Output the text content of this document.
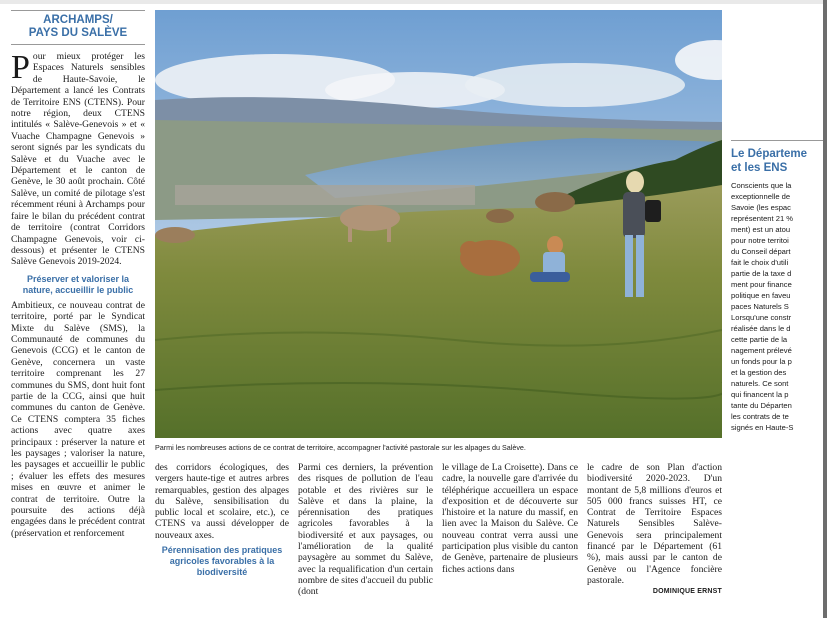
ARCHAMPS/
PAYS DU SALÈVE

Pour mieux protéger les Espaces Naturels sensibles de Haute-Savoie, le Département a lancé les Contrats de Territoire ENS (CTENS). Pour notre région, deux CTENS intitulés « Salève-Genevois » et « Vuache Champagne Genevois » seront signés par les syndicats du Salève et du Vuache avec le Département et le canton de Genève, le 30 août prochain. Côté Salève, un comité de pilotage s'est récemment réuni à Archamps pour faire le bilan du précédent contrat de territoire (contrat Corridors Champagne Genevois, voir ci-dessous) et présenter le CTENS Salève Genevois 2019-2024.

Préserver et valoriser la nature, accueillir le public

Ambitieux, ce nouveau contrat de territoire, porté par le Syndicat Mixte du Salève (SMS), la Communauté de communes du Genevois (CCG) et le canton de Genève, concernera un vaste territoire comprenant les 27 communes du SMS, dont huit font partie de la CCG, ainsi que huit communes du canton de Genève. Ce CTENS comptera 35 fiches actions avec quatre axes principaux : préserver la nature et les paysages ; valoriser la nature, les paysages et accueillir le public ; évaluer les effets des mesures mises en œuvre et animer le contrat de territoire. Outre la poursuite des actions déjà engagées dans le précédent contrat (préservation et renforcement

Parmi les nombreuses actions de ce contrat de territoire, accompagner l'activité pastorale sur les alpages du Salève.

des corridors écologiques, des vergers haute-tige et autres arbres remarquables, gestion des alpages du Salève, sensibilisation du public local et scolaire, etc.), ce CTENS va aussi développer de nouveaux axes.

Pérennisation des pratiques agricoles favorables à la biodiversité

Parmi ces derniers, la prévention des risques de pollution de l'eau potable et des rivières sur le Salève et dans la plaine, la pérennisation des pratiques agricoles favorables à la biodiversité et aux paysages, ou l'amélioration de la qualité paysagère au sommet du Salève, avec la requalification d'un certain nombre de sites d'accueil du public (dont

le village de La Croisette). Dans ce cadre, la nouvelle gare d'arrivée du téléphérique accueillera un espace d'exposition et de découverte sur l'histoire et la nature du massif, en lien avec la Maison du Salève. Ce nouveau contrat verra aussi une participation plus visible du canton de Genève, partenaire de plusieurs fiches actions dans

le cadre de son Plan d'action biodiversité 2020-2023. D'un montant de 5,8 millions d'euros et 505 000 francs suisses HT, ce Contrat de Territoire Espaces Naturels Sensibles Salève-Genevois sera principalement financé par le Département (61 %), mais aussi par le canton de Genève ou l'Agence foncière pastorale.

DOMINIQUE ERNST
Le Départeme
et les ENS
Conscients que la
exceptionnelle de
Savoie (les espac
représentent 21 %
ment) est un atou
pour notre territoi
du Conseil départ
fait le choix d'utili
partie de la taxe d
ment pour finance
politique en faveu
paces Naturels S
Lorsqu'une constr
réalisée dans le d
cette partie de la
nagement prélevé
un fonds pour la p
et la gestion des
naturels. Ce sont
qui financent la p
tante du Départen
les contrats de te
signés en Haute-S
